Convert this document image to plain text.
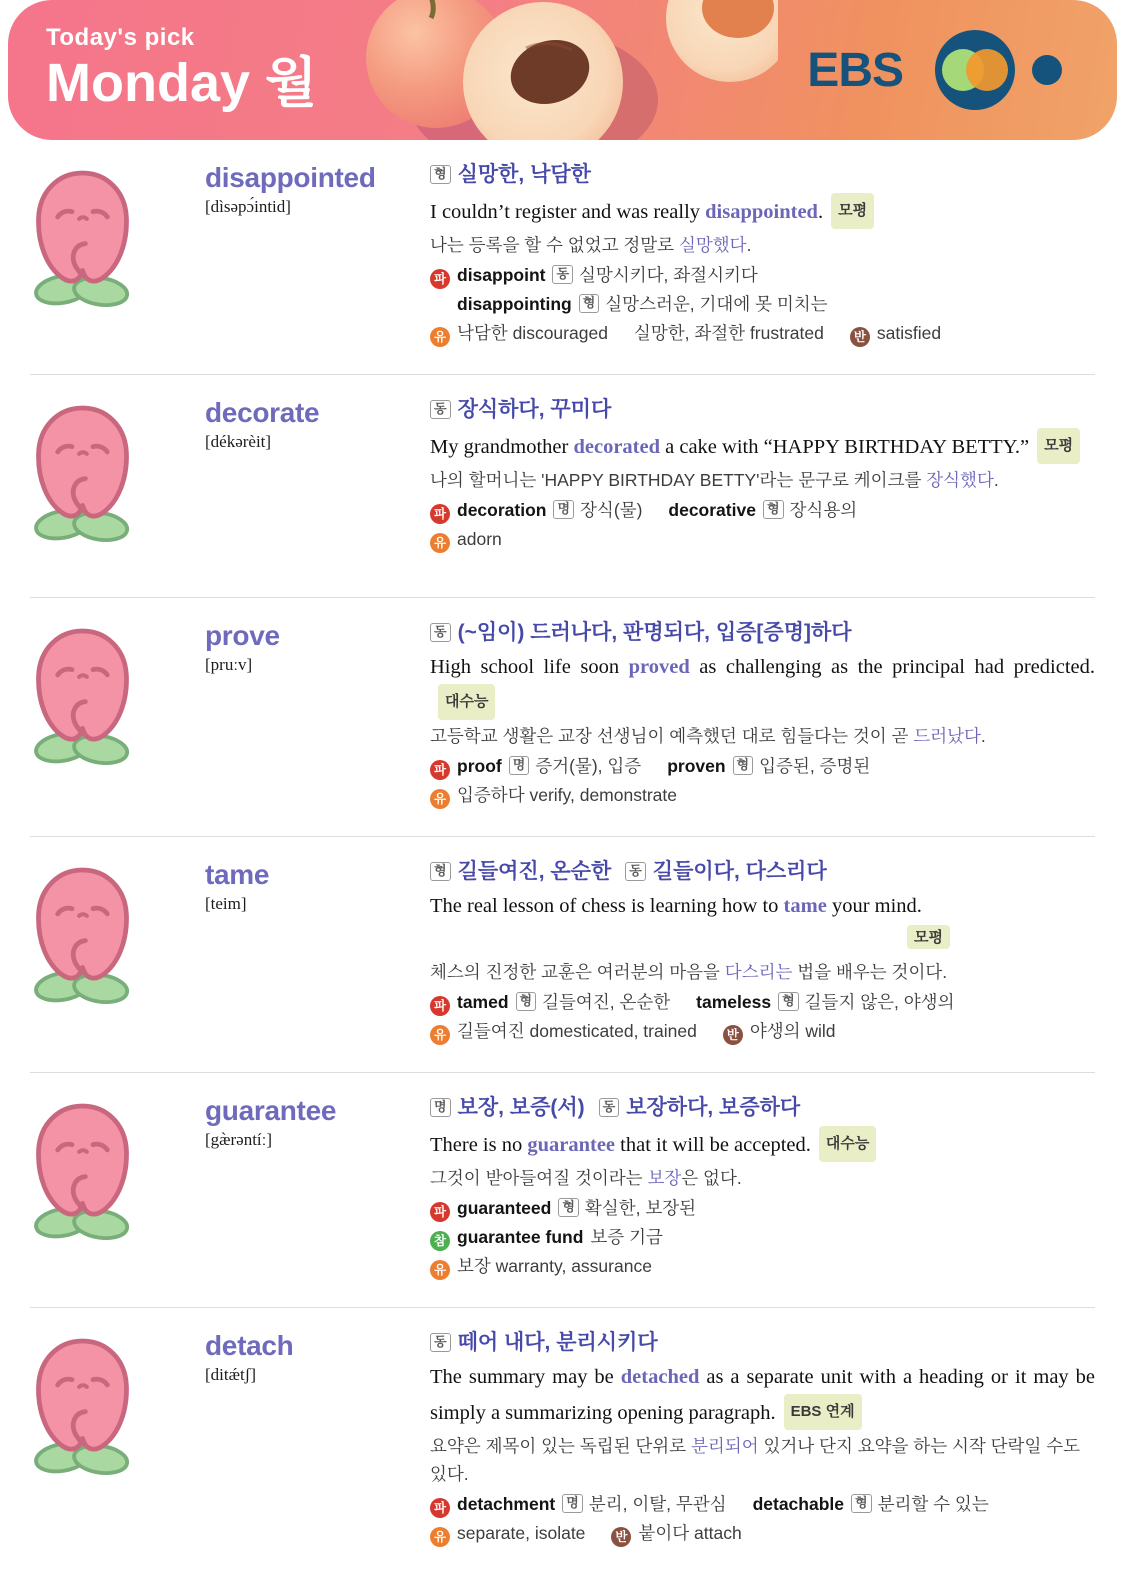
Today's pick
Monday 월	EBS
disappointed
[dìsəpɔ́intid]
형 실망한, 낙담한
I couldn’t register and was really disappointed. 모평
나는 등록을 할 수 없었고 정말로 실망했다.
파 disappoint 동 실망시키다, 좌절시키다
disappointing 형 실망스러운, 기대에 못 미치는
유 낙담한 discouraged 실망한, 좌절한 frustrated 반 satisfied
decorate
[dékərèit]
동 장식하다, 꾸미다
My grandmother decorated a cake with “HAPPY BIRTHDAY BETTY.” 모평
나의 할머니는 'HAPPY BIRTHDAY BETTY'라는 문구로 케이크를 장식했다.
파 decoration 명 장식(물) decorative 형 장식용의
유 adorn
prove
[pruːv]
동 (~임이) 드러나다, 판명되다, 입증[증명]하다
High school life soon proved as challenging as the principal had predicted.대수능
고등학교 생활은 교장 선생님이 예측했던 대로 힘들다는 것이 곧 드러났다.
파 proof 명 증거(물), 입증 proven 형 입증된, 증명된
유 입증하다 verify, demonstrate
tame
[teim]
형 길들여진, 온순한 동 길들이다, 다스리다
The real lesson of chess is learning how to tame your mind.
모평
체스의 진정한 교훈은 여러분의 마음을 다스리는 법을 배우는 것이다.
파 tamed 형 길들여진, 온순한 tameless 형 길들지 않은, 야생의
유 길들여진 domesticated, trained 반 야생의 wild
guarantee
[gæ̀rəntíː]
명 보장, 보증(서) 동 보장하다, 보증하다
There is no guarantee that it will be accepted. 대수능
그것이 받아들여질 것이라는 보장은 없다.
파 guaranteed 형 확실한, 보장된
참 guarantee fund 보증 기금
유 보장 warranty, assurance
detach
[ditǽtʃ]
동 떼어 내다, 분리시키다
The summary may be detached as a separate unit with a heading or it may be simply a summarizing opening paragraph. EBS 연계
요약은 제목이 있는 독립된 단위로 분리되어 있거나 단지 요약을 하는 시작 단락일 수도 있다.
파 detachment 명 분리, 이탈, 무관심 detachable 형 분리할 수 있는
유 separate, isolate 반 붙이다 attach
